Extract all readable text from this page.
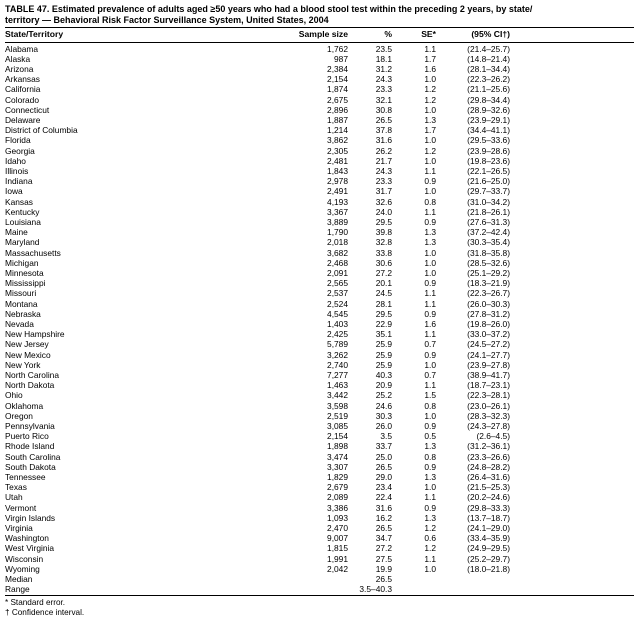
TABLE 47. Estimated prevalence of adults aged ≥50 years who had a blood stool test within the preceding 2 years, by state/
territory — Behavioral Risk Factor Surveillance System, United States, 2004
State/Territory	Sample size	%	SE*	(95% CI†)	
Alabama	1,762	23.5	1.1	(21.4–25.7)	
Alaska	987	18.1	1.7	(14.8–21.4)	
Arizona	2,384	31.2	1.6	(28.1–34.4)	
Arkansas	2,154	24.3	1.0	(22.3–26.2)	
California	1,874	23.3	1.2	(21.1–25.6)	
Colorado	2,675	32.1	1.2	(29.8–34.4)	
Connecticut	2,896	30.8	1.0	(28.9–32.6)	
Delaware	1,887	26.5	1.3	(23.9–29.1)	
District of Columbia	1,214	37.8	1.7	(34.4–41.1)	
Florida	3,862	31.6	1.0	(29.5–33.6)	
Georgia	2,305	26.2	1.2	(23.9–28.6)	
Idaho	2,481	21.7	1.0	(19.8–23.6)	
Illinois	1,843	24.3	1.1	(22.1–26.5)	
Indiana	2,978	23.3	0.9	(21.6–25.0)	
Iowa	2,491	31.7	1.0	(29.7–33.7)	
Kansas	4,193	32.6	0.8	(31.0–34.2)	
Kentucky	3,367	24.0	1.1	(21.8–26.1)	
Louisiana	3,889	29.5	0.9	(27.6–31.3)	
Maine	1,790	39.8	1.3	(37.2–42.4)	
Maryland	2,018	32.8	1.3	(30.3–35.4)	
Massachusetts	3,682	33.8	1.0	(31.8–35.8)	
Michigan	2,468	30.6	1.0	(28.5–32.6)	
Minnesota	2,091	27.2	1.0	(25.1–29.2)	
Mississippi	2,565	20.1	0.9	(18.3–21.9)	
Missouri	2,537	24.5	1.1	(22.3–26.7)	
Montana	2,524	28.1	1.1	(26.0–30.3)	
Nebraska	4,545	29.5	0.9	(27.8–31.2)	
Nevada	1,403	22.9	1.6	(19.8–26.0)	
New Hampshire	2,425	35.1	1.1	(33.0–37.2)	
New Jersey	5,789	25.9	0.7	(24.5–27.2)	
New Mexico	3,262	25.9	0.9	(24.1–27.7)	
New York	2,740	25.9	1.0	(23.9–27.8)	
North Carolina	7,277	40.3	0.7	(38.9–41.7)	
North Dakota	1,463	20.9	1.1	(18.7–23.1)	
Ohio	3,442	25.2	1.5	(22.3–28.1)	
Oklahoma	3,598	24.6	0.8	(23.0–26.1)	
Oregon	2,519	30.3	1.0	(28.3–32.3)	
Pennsylvania	3,085	26.0	0.9	(24.3–27.8)	
Puerto Rico	2,154	3.5	0.5	(2.6–4.5)	
Rhode Island	1,898	33.7	1.3	(31.2–36.1)	
South Carolina	3,474	25.0	0.8	(23.3–26.6)	
South Dakota	3,307	26.5	0.9	(24.8–28.2)	
Tennessee	1,829	29.0	1.3	(26.4–31.6)	
Texas	2,679	23.4	1.0	(21.5–25.3)	
Utah	2,089	22.4	1.1	(20.2–24.6)	
Vermont	3,386	31.6	0.9	(29.8–33.3)	
Virgin Islands	1,093	16.2	1.3	(13.7–18.7)	
Virginia	2,470	26.5	1.2	(24.1–29.0)	
Washington	9,007	34.7	0.6	(33.4–35.9)	
West Virginia	1,815	27.2	1.2	(24.9–29.5)	
Wisconsin	1,991	27.5	1.1	(25.2–29.7)	
Wyoming	2,042	19.9	1.0	(18.0–21.8)	
Median		26.5			
Range		3.5–40.3			
* Standard error.
† Confidence interval.
